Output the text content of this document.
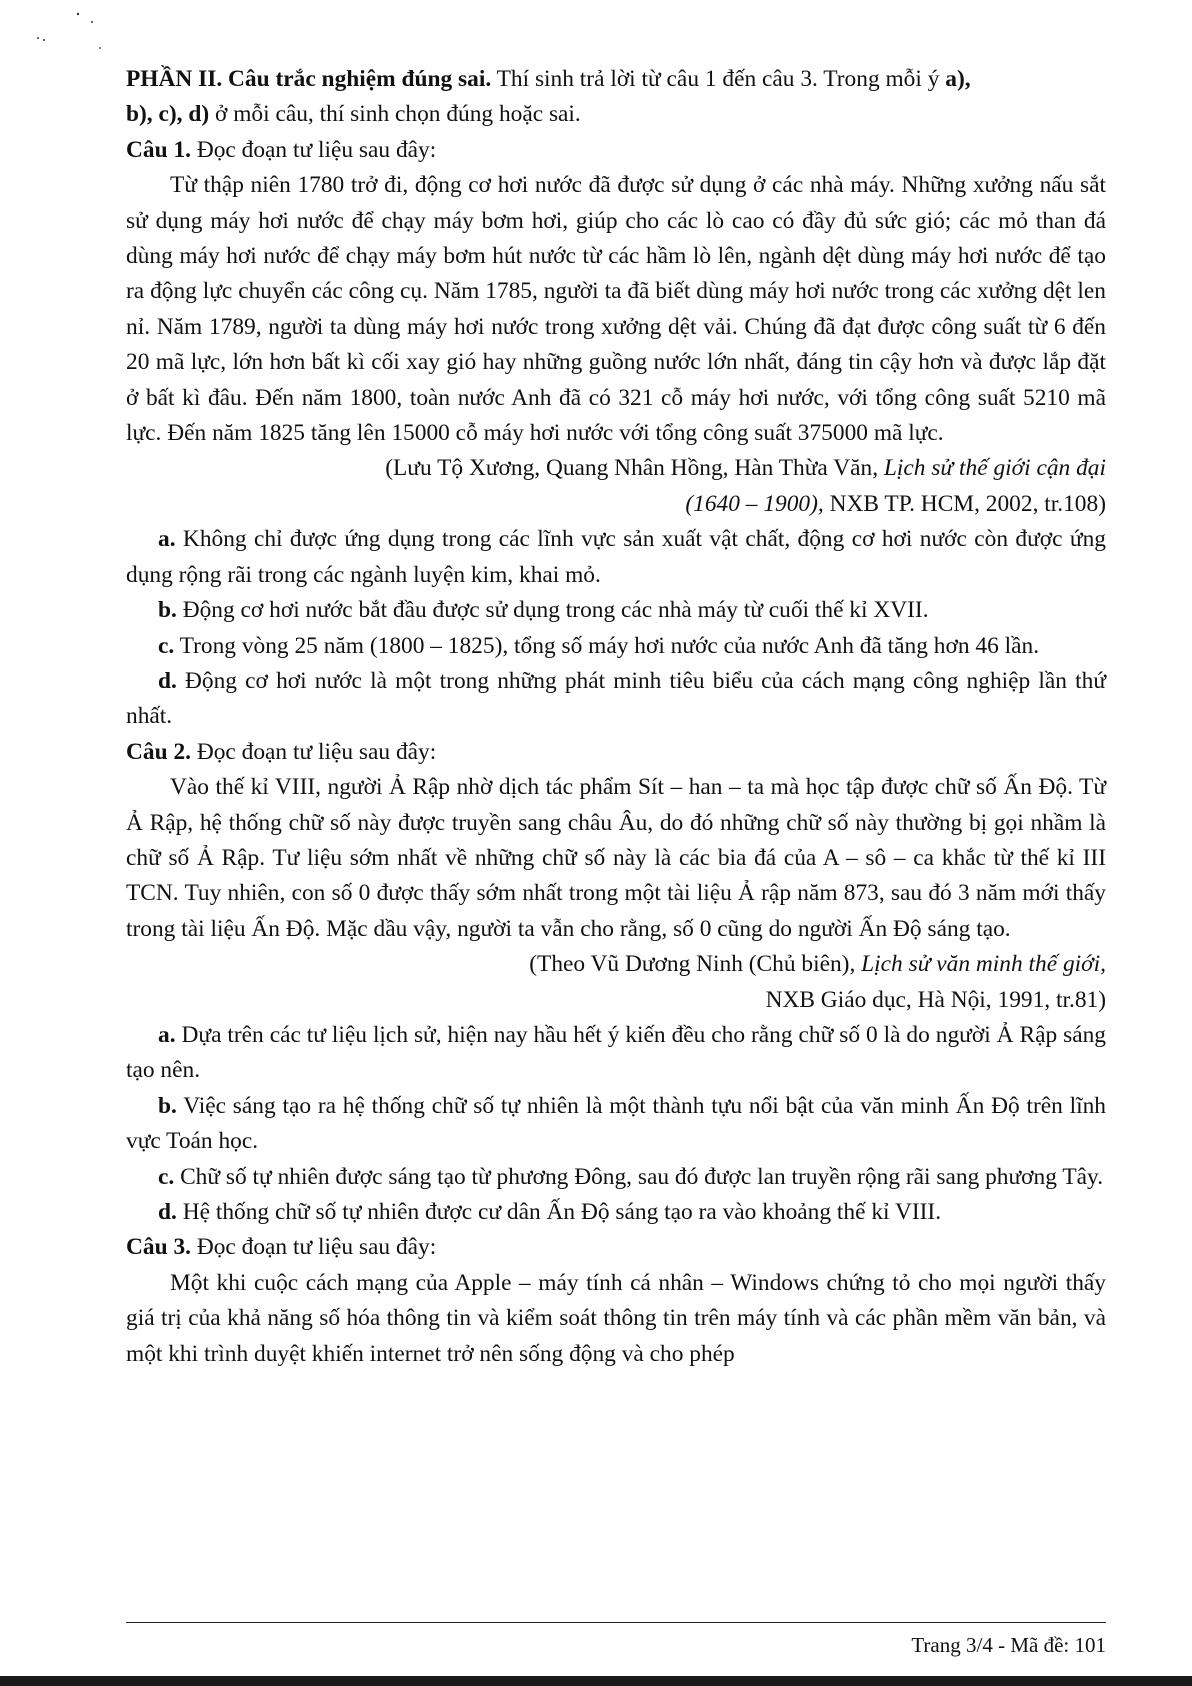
PHẦN II. Câu trắc nghiệm đúng sai. Thí sinh trả lời từ câu 1 đến câu 3. Trong mỗi ý a),
b), c), d) ở mỗi câu, thí sinh chọn đúng hoặc sai.

Câu 1. Đọc đoạn tư liệu sau đây:

Từ thập niên 1780 trở đi, động cơ hơi nước đã được sử dụng ở các nhà máy. Những xưởng nấu sắt sử dụng máy hơi nước để chạy máy bơm hơi, giúp cho các lò cao có đầy đủ sức gió; các mỏ than đá dùng máy hơi nước để chạy máy bơm hút nước từ các hầm lò lên, ngành dệt dùng máy hơi nước để tạo ra động lực chuyển các công cụ. Năm 1785, người ta đã biết dùng máy hơi nước trong các xưởng dệt len nỉ. Năm 1789, người ta dùng máy hơi nước trong xưởng dệt vải. Chúng đã đạt được công suất từ 6 đến 20 mã lực, lớn hơn bất kì cối xay gió hay những guồng nước lớn nhất, đáng tin cậy hơn và được lắp đặt ở bất kì đâu. Đến năm 1800, toàn nước Anh đã có 321 cỗ máy hơi nước, với tổng công suất 5210 mã lực. Đến năm 1825 tăng lên 15000 cỗ máy hơi nước với tổng công suất 375000 mã lực.

(Lưu Tộ Xương, Quang Nhân Hồng, Hàn Thừa Văn, Lịch sử thế giới cận đại
(1640 – 1900), NXB TP. HCM, 2002, tr.108)

a. Không chỉ được ứng dụng trong các lĩnh vực sản xuất vật chất, động cơ hơi nước còn được ứng dụng rộng rãi trong các ngành luyện kim, khai mỏ.

b. Động cơ hơi nước bắt đầu được sử dụng trong các nhà máy từ cuối thế kỉ XVII.

c. Trong vòng 25 năm (1800 – 1825), tổng số máy hơi nước của nước Anh đã tăng hơn 46 lần.

d. Động cơ hơi nước là một trong những phát minh tiêu biểu của cách mạng công nghiệp lần thứ nhất.

Câu 2. Đọc đoạn tư liệu sau đây:

Vào thế kỉ VIII, người Ả Rập nhờ dịch tác phẩm Sít – han – ta mà học tập được chữ số Ấn Độ. Từ Ả Rập, hệ thống chữ số này được truyền sang châu Âu, do đó những chữ số này thường bị gọi nhầm là chữ số Ả Rập. Tư liệu sớm nhất về những chữ số này là các bia đá của A – sô – ca khắc từ thế kỉ III TCN. Tuy nhiên, con số 0 được thấy sớm nhất trong một tài liệu Ả rập năm 873, sau đó 3 năm mới thấy trong tài liệu Ấn Độ. Mặc dầu vậy, người ta vẫn cho rằng, số 0 cũng do người Ấn Độ sáng tạo.

(Theo Vũ Dương Ninh (Chủ biên), Lịch sử văn minh thế giới,
NXB Giáo dục, Hà Nội, 1991, tr.81)

a. Dựa trên các tư liệu lịch sử, hiện nay hầu hết ý kiến đều cho rằng chữ số 0 là do người Ả Rập sáng tạo nên.

b. Việc sáng tạo ra hệ thống chữ số tự nhiên là một thành tựu nổi bật của văn minh Ấn Độ trên lĩnh vực Toán học.

c. Chữ số tự nhiên được sáng tạo từ phương Đông, sau đó được lan truyền rộng rãi sang phương Tây.

d. Hệ thống chữ số tự nhiên được cư dân Ấn Độ sáng tạo ra vào khoảng thế kỉ VIII.

Câu 3. Đọc đoạn tư liệu sau đây:

Một khi cuộc cách mạng của Apple – máy tính cá nhân – Windows chứng tỏ cho mọi người thấy giá trị của khả năng số hóa thông tin và kiểm soát thông tin trên máy tính và các phần mềm văn bản, và một khi trình duyệt khiến internet trở nên sống động và cho phép

Trang 3/4 - Mã đề: 101
